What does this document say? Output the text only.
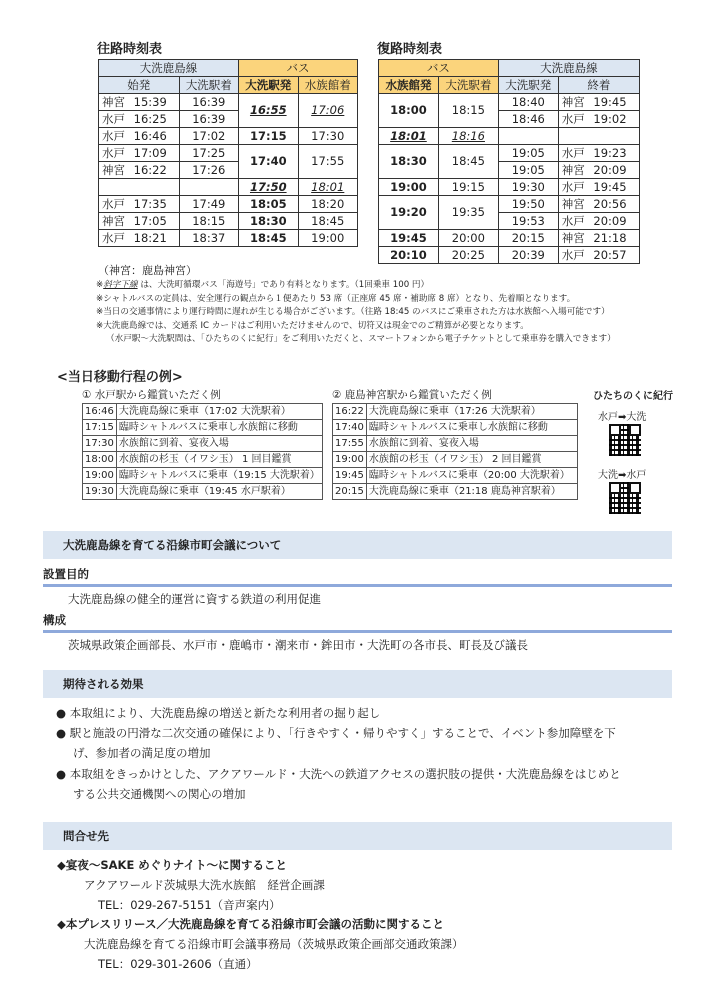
往路時刻表
大洗鹿島線		バス	
始発	大洗駅着	大洗駅発	水族館着
神宮 15:39	16:39	16:55	17:06
水戸 16:25	16:39		
水戸 16:46	17:02	17:15	17:30
水戸 17:09	17:25	17:40	17:55
神宮 16:22	17:26		
		17:50	18:01
水戸 17:35	17:49	18:05	18:20
神宮 17:05	18:15	18:30	18:45
水戸 18:21	18:37	18:45	19:00
（神宮：鹿島神宮）
復路時刻表
バス		大洗鹿島線	
水族館発	大洗駅着	大洗駅発	終着
18:00	18:15	18:40	神宮 19:45
		18:46	水戸 19:02
18:01	18:16		
18:30	18:45	19:05	水戸 19:23
		19:05	神宮 20:09
19:00	19:15	19:30	水戸 19:45
19:20	19:35	19:50	神宮 20:56
		19:53	水戸 20:09
19:45	20:00	20:15	神宮 21:18
20:10	20:25	20:39	水戸 20:57
※斜字下線 は、大洗町循環バス「海遊号」であり有料となります。（1回乗車 100 円）
※シャトルバスの定員は、安全運行の観点から１便あたり 53 席（正座席 45 席・補助席 8 席）となり、先着順となります。
※当日の交通事情により運行時間に遅れが生じる場合がございます。（往路 18:45 のバスにご乗車された方は水族館へ入場可能です）
※大洗鹿島線では、交通系 IC カードはご利用いただけませんので、切符又は現金でのご精算が必要となります。
（水戸駅～大洗駅間は、「ひたちのくに紀行」をご利用いただくと、スマートフォンから電子チケットとして乗車券を購入できます）
<当日移動行程の例>
① 水戸駅から鑑賞いただく例
16:46	大洗鹿島線に乗車（17:02 大洗駅着）
17:15	臨時シャトルバスに乗車し水族館に移動
17:30	水族館に到着、宴夜入場
18:00	水族館の杉玉（イワシ玉） 1 回目鑑賞
19:00	臨時シャトルバスに乗車（19:15 大洗駅着）
19:30	大洗鹿島線に乗車（19:45 水戸駅着）
② 鹿島神宮駅から鑑賞いただく例
16:22	大洗鹿島線に乗車（17:26 大洗駅着）
17:40	臨時シャトルバスに乗車し水族館に移動
17:55	水族館に到着、宴夜入場
19:00	水族館の杉玉（イワシ玉） 2 回目鑑賞
19:45	臨時シャトルバスに乗車（20:00 大洗駅着）
20:15	大洗鹿島線に乗車（21:18 鹿島神宮駅着）
ひたちのくに紀行
水戸➡大洗
大洗➡水戸
大洗鹿島線を育てる沿線市町会議について
設置目的
大洗鹿島線の健全的運営に資する鉄道の利用促進
構成
茨城県政策企画部長、水戸市・鹿嶋市・潮来市・鉾田市・大洗町の各市長、町長及び議長
期待される効果
● 本取組により、大洗鹿島線の増送と新たな利用者の掘り起し
● 駅と施設の円滑な二次交通の確保により、「行きやすく・帰りやすく」することで、イベント参加障壁を下
げ、参加者の満足度の増加
● 本取組をきっかけとした、アクアワールド・大洗への鉄道アクセスの選択肢の提供・大洗鹿島線をはじめと
する公共交通機関への関心の増加
問合せ先
◆宴夜～SAKE めぐりナイト～に関すること
アクアワールド茨城県大洗水族館　経営企画課
TEL：029-267-5151（音声案内）
◆本プレスリリース／大洗鹿島線を育てる沿線市町会議の活動に関すること
大洗鹿島線を育てる沿線市町会議事務局（茨城県政策企画部交通政策課）
TEL：029-301-2606（直通）
